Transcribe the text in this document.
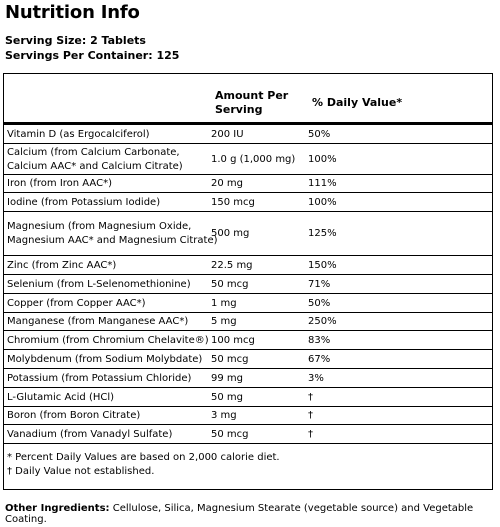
Nutrition Info
Serving Size: 2 Tablets
Servings Per Container: 125
Amount Per
Serving
% Daily Value*
Vitamin D (as Ergocalciferol)	200 IU	50%
Calcium (from Calcium Carbonate,
Calcium AAC* and Calcium Citrate)
1.0 g (1,000 mg) 100%
Iron (from Iron AAC*)	20 mg	111%
Iodine (from Potassium Iodide)	150 mcg	100%
Magnesium (from Magnesium Oxide,
Magnesium AAC* and Magnesium Citrate)
500 mg	125%
Zinc (from Zinc AAC*)	22.5 mg	150%
Selenium (from L-Selenomethionine) 50 mcg	71%
Copper (from Copper AAC*)	1 mg	50%
Manganese (from Manganese AAC*) 5 mg	250%
Chromium (from Chromium Chelavite®) 100 mcg	83%
Molybdenum (from Sodium Molybdate) 50 mcg	67%
Potassium (from Potassium Chloride) 99 mg	3%
L-Glutamic Acid (HCl)	50 mg	†
Boron (from Boron Citrate)	3 mg	†
Vanadium (from Vanadyl Sulfate)	50 mcg	†
* Percent Daily Values are based on 2,000 calorie diet.
† Daily Value not established.
Other Ingredients: Cellulose, Silica, Magnesium Stearate (vegetable source) and Vegetable Coating.
